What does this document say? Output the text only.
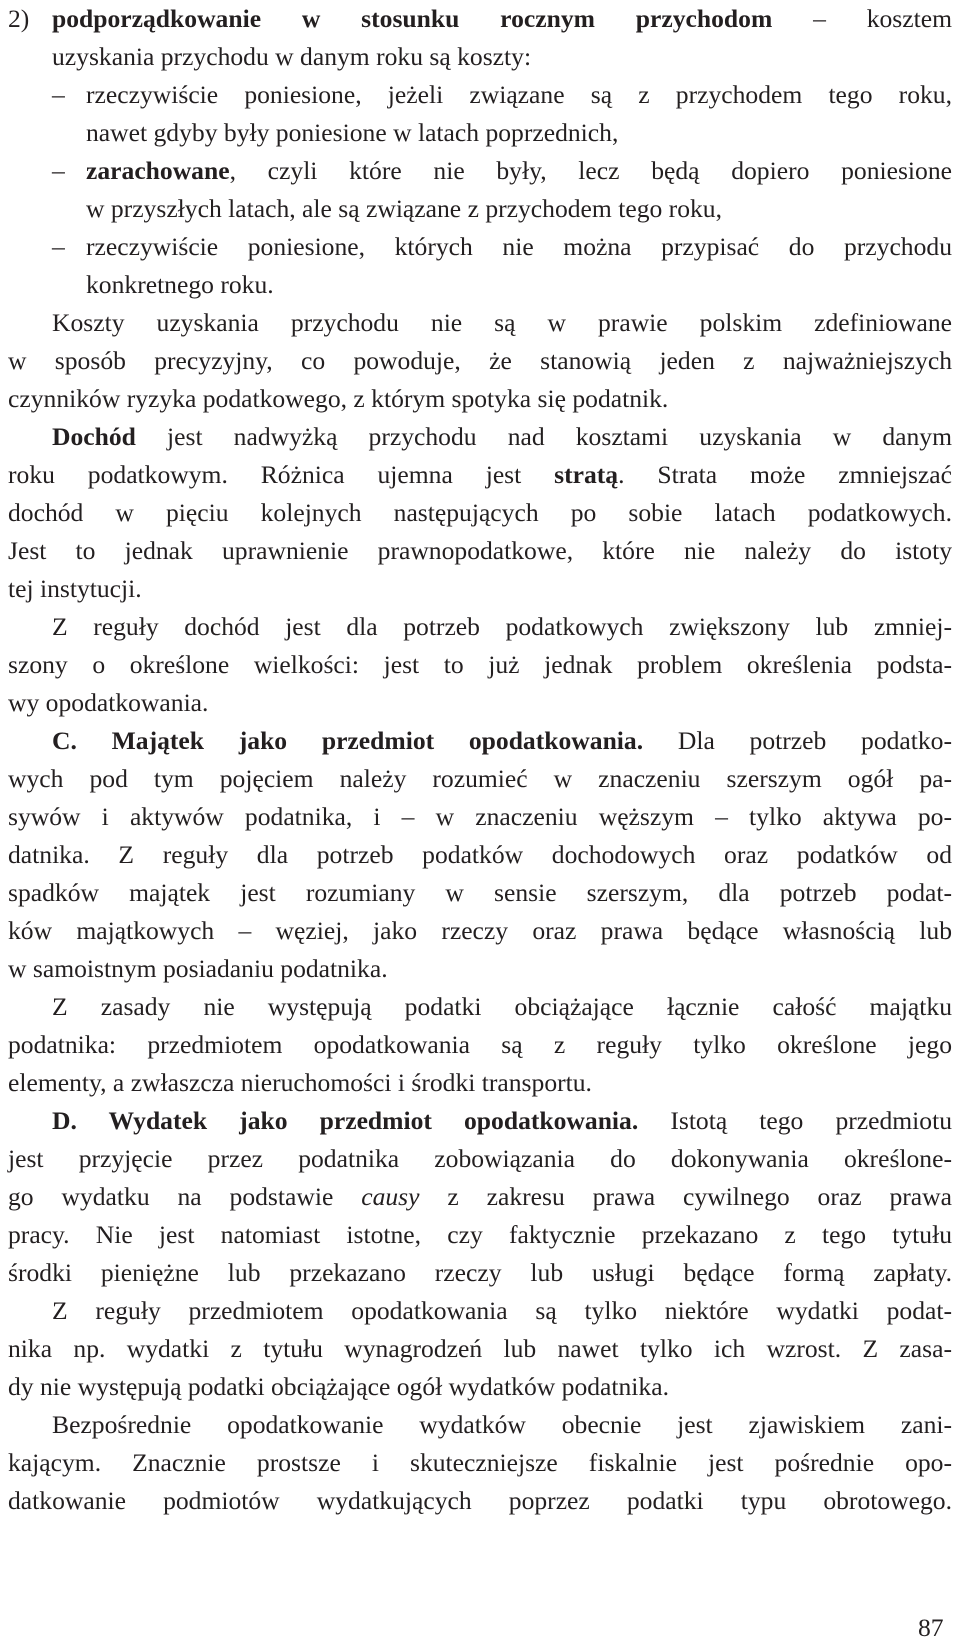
2) podporządkowanie w stosunku rocznym przychodom – kosztem
uzyskania przychodu w danym roku są koszty:
– rzeczywiście poniesione, jeżeli związane są z przychodem tego roku,
nawet gdyby były poniesione w latach poprzednich,
– zarachowane, czyli które nie były, lecz będą dopiero poniesione
w przyszłych latach, ale są związane z przychodem tego roku,
– rzeczywiście poniesione, których nie można przypisać do przychodu
konkretnego roku.
Koszty uzyskania przychodu nie są w prawie polskim zdefiniowane
w sposób precyzyjny, co powoduje, że stanowią jeden z najważniejszych
czynników ryzyka podatkowego, z którym spotyka się podatnik.
Dochód jest nadwyżką przychodu nad kosztami uzyskania w danym
roku podatkowym. Różnica ujemna jest stratą. Strata może zmniejszać
dochód w pięciu kolejnych następujących po sobie latach podatkowych.
Jest to jednak uprawnienie prawnopodatkowe, które nie należy do istoty
tej instytucji.
Z reguły dochód jest dla potrzeb podatkowych zwiększony lub zmniej-
szony o określone wielkości: jest to już jednak problem określenia podsta-
wy opodatkowania.
C. Majątek jako przedmiot opodatkowania. Dla potrzeb podatko-
wych pod tym pojęciem należy rozumieć w znaczeniu szerszym ogół pa-
sywów i aktywów podatnika, i – w znaczeniu węższym – tylko aktywa po-
datnika. Z reguły dla potrzeb podatków dochodowych oraz podatków od
spadków majątek jest rozumiany w sensie szerszym, dla potrzeb podat-
ków majątkowych – węziej, jako rzeczy oraz prawa będące własnością lub
w samoistnym posiadaniu podatnika.
Z zasady nie występują podatki obciążające łącznie całość majątku
podatnika: przedmiotem opodatkowania są z reguły tylko określone jego
elementy, a zwłaszcza nieruchomości i środki transportu.
D. Wydatek jako przedmiot opodatkowania. Istotą tego przedmiotu
jest przyjęcie przez podatnika zobowiązania do dokonywania określone-
go wydatku na podstawie causy z zakresu prawa cywilnego oraz prawa
pracy. Nie jest natomiast istotne, czy faktycznie przekazano z tego tytułu
środki pieniężne lub przekazano rzeczy lub usługi będące formą zapłaty.
Z reguły przedmiotem opodatkowania są tylko niektóre wydatki podat-
nika np. wydatki z tytułu wynagrodzeń lub nawet tylko ich wzrost. Z zasa-
dy nie występują podatki obciążające ogół wydatków podatnika.
Bezpośrednie opodatkowanie wydatków obecnie jest zjawiskiem zani-
kającym. Znacznie prostsze i skuteczniejsze fiskalnie jest pośrednie opo-
datkowanie podmiotów wydatkujących poprzez podatki typu obrotowego.
87
